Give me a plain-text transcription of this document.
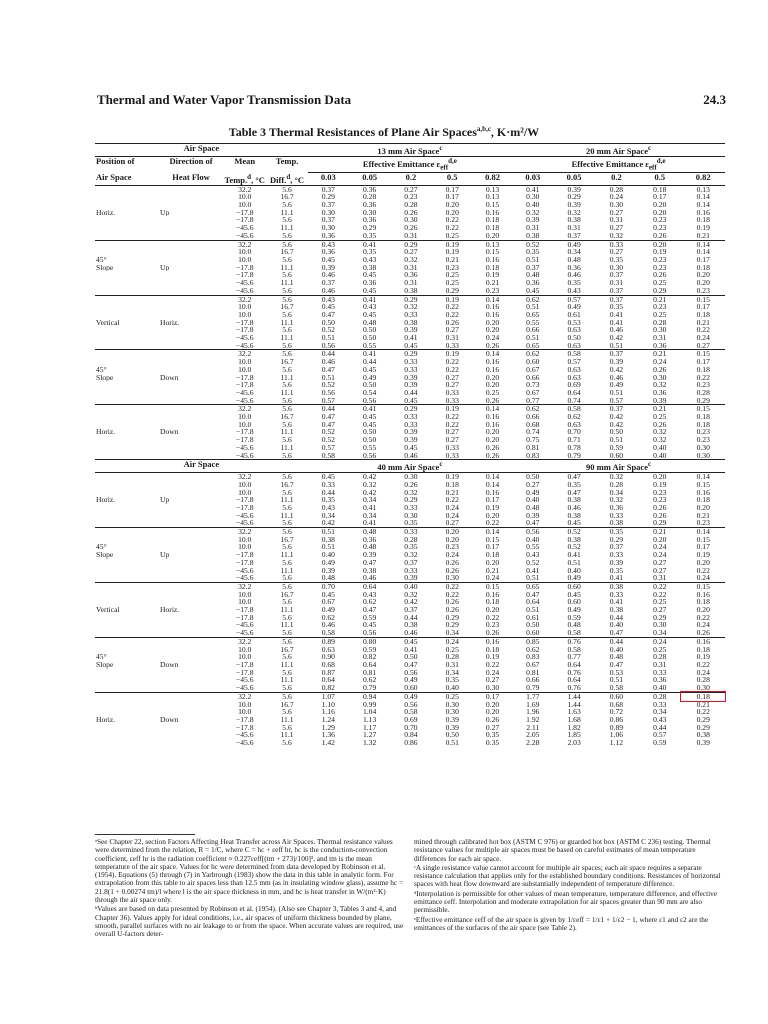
Thermal and Water Vapor Transmission Data	24.3
Table 3 Thermal Resistances of Plane Air Spaces$^{a,b,c}$, K·m²/W
Air Space				13 mm Air Space$^c$					20 mm Air Space$^c$
Position of	Direction of	Mean	Temp.	Effective Emittance $\varepsilon_{eff}^{d,e}$					Effective Emittance $\varepsilon_{eff}^{d,e}$
Air Space	Heat Flow	Temp.$^d$, °C	Diff.$^d$, °C	0.03	0.05	0.2	0.5	0.82	0.03	0.05	0.2	0.5	0.82
		32.2	5.6	0.37	0.36	0.27	0.17	0.13	0.41	0.39	0.28	0.18	0.13
		10.0	16.7	0.29	0.28	0.23	0.17	0.13	0.30	0.29	0.24	0.17	0.14
		10.0	5.6	0.37	0.36	0.28	0.20	0.15	0.40	0.39	0.30	0.20	0.14
Horiz.	Up	−17.8	11.1	0.30	0.30	0.26	0.20	0.16	0.32	0.32	0.27	0.20	0.16
		−17.8	5.6	0.37	0.36	0.30	0.22	0.18	0.39	0.38	0.31	0.23	0.18
		−45.6	11.1	0.30	0.29	0.26	0.22	0.18	0.31	0.31	0.27	0.23	0.19
		−45.6	5.6	0.36	0.35	0.31	0.25	0.20	0.38	0.37	0.32	0.26	0.21
		32.2	5.6	0.43	0.41	0.29	0.19	0.13	0.52	0.49	0.33	0.20	0.14
		10.0	16.7	0.36	0.35	0.27	0.19	0.15	0.35	0.34	0.27	0.19	0.14
45°		10.0	5.6	0.45	0.43	0.32	0.21	0.16	0.51	0.48	0.35	0.23	0.17
Slope	Up	−17.8	11.1	0.39	0.38	0.31	0.23	0.18	0.37	0.36	0.30	0.23	0.18
		−17.8	5.6	0.46	0.45	0.36	0.25	0.19	0.48	0.46	0.37	0.26	0.20
		−45.6	11.1	0.37	0.36	0.31	0.25	0.21	0.36	0.35	0.31	0.25	0.20
		−45.6	5.6	0.46	0.45	0.38	0.29	0.23	0.45	0.43	0.37	0.29	0.23
		32.2	5.6	0.43	0.41	0.29	0.19	0.14	0.62	0.57	0.37	0.21	0.15
		10.0	16.7	0.45	0.43	0.32	0.22	0.16	0.51	0.49	0.35	0.23	0.17
		10.0	5.6	0.47	0.45	0.33	0.22	0.16	0.65	0.61	0.41	0.25	0.18
Vertical	Horiz.	−17.8	11.1	0.50	0.48	0.38	0.26	0.20	0.55	0.53	0.41	0.28	0.21
		−17.8	5.6	0.52	0.50	0.39	0.27	0.20	0.66	0.63	0.46	0.30	0.22
		−45.6	11.1	0.51	0.50	0.41	0.31	0.24	0.51	0.50	0.42	0.31	0.24
		−45.6	5.6	0.56	0.55	0.45	0.33	0.26	0.65	0.63	0.51	0.36	0.27
		32.2	5.6	0.44	0.41	0.29	0.19	0.14	0.62	0.58	0.37	0.21	0.15
		10.0	16.7	0.46	0.44	0.33	0.22	0.16	0.60	0.57	0.39	0.24	0.17
45°		10.0	5.6	0.47	0.45	0.33	0.22	0.16	0.67	0.63	0.42	0.26	0.18
Slope	Down	−17.8	11.1	0.51	0.49	0.39	0.27	0.20	0.66	0.63	0.46	0.30	0.22
		−17.8	5.6	0.52	0.50	0.39	0.27	0.20	0.73	0.69	0.49	0.32	0.23
		−45.6	11.1	0.56	0.54	0.44	0.33	0.25	0.67	0.64	0.51	0.36	0.28
		−45.6	5.6	0.57	0.56	0.45	0.33	0.26	0.77	0.74	0.57	0.39	0.29
		32.2	5.6	0.44	0.41	0.29	0.19	0.14	0.62	0.58	0.37	0.21	0.15
		10.0	16.7	0.47	0.45	0.33	0.22	0.16	0.66	0.62	0.42	0.25	0.18
		10.0	5.6	0.47	0.45	0.33	0.22	0.16	0.68	0.63	0.42	0.26	0.18
Horiz.	Down	−17.8	11.1	0.52	0.50	0.39	0.27	0.20	0.74	0.70	0.50	0.32	0.23
		−17.8	5.6	0.52	0.50	0.39	0.27	0.20	0.75	0.71	0.51	0.32	0.23
		−45.6	11.1	0.57	0.55	0.45	0.33	0.26	0.81	0.78	0.59	0.40	0.30
		−45.6	5.6	0.58	0.56	0.46	0.33	0.26	0.83	0.79	0.60	0.40	0.30
Air Space				40 mm Air Space$^c$					90 mm Air Space$^c$
		32.2	5.6	0.45	0.42	0.30	0.19	0.14	0.50	0.47	0.32	0.20	0.14
		10.0	16.7	0.33	0.32	0.26	0.18	0.14	0.27	0.35	0.28	0.19	0.15
		10.0	5.6	0.44	0.42	0.32	0.21	0.16	0.49	0.47	0.34	0.23	0.16
Horiz.	Up	−17.8	11.1	0.35	0.34	0.29	0.22	0.17	0.40	0.38	0.32	0.23	0.18
		−17.8	5.6	0.43	0.41	0.33	0.24	0.19	0.48	0.46	0.36	0.26	0.20
		−45.6	11.1	0.34	0.34	0.30	0.24	0.20	0.39	0.38	0.33	0.26	0.21
		−45.6	5.6	0.42	0.41	0.35	0.27	0.22	0.47	0.45	0.38	0.29	0.23
		32.2	5.6	0.51	0.48	0.33	0.20	0.14	0.56	0.52	0.35	0.21	0.14
		10.0	16.7	0.38	0.36	0.28	0.20	0.15	0.40	0.38	0.29	0.20	0.15
45°		10.0	5.6	0.51	0.48	0.35	0.23	0.17	0.55	0.52	0.37	0.24	0.17
Slope	Up	−17.8	11.1	0.40	0.39	0.32	0.24	0.18	0.43	0.41	0.33	0.24	0.19
		−17.8	5.6	0.49	0.47	0.37	0.26	0.20	0.52	0.51	0.39	0.27	0.20
		−45.6	11.1	0.39	0.38	0.33	0.26	0.21	0.41	0.40	0.35	0.27	0.22
		−45.6	5.6	0.48	0.46	0.39	0.30	0.24	0.51	0.49	0.41	0.31	0.24
		32.2	5.6	0.70	0.64	0.40	0.22	0.15	0.65	0.60	0.38	0.22	0.15
		10.0	16.7	0.45	0.43	0.32	0.22	0.16	0.47	0.45	0.33	0.22	0.16
		10.0	5.6	0.67	0.62	0.42	0.26	0.18	0.64	0.60	0.41	0.25	0.18
Vertical	Horiz.	−17.8	11.1	0.49	0.47	0.37	0.26	0.20	0.51	0.49	0.38	0.27	0.20
		−17.8	5.6	0.62	0.59	0.44	0.29	0.22	0.61	0.59	0.44	0.29	0.22
		−45.6	11.1	0.46	0.45	0.38	0.29	0.23	0.50	0.48	0.40	0.30	0.24
		−45.6	5.6	0.58	0.56	0.46	0.34	0.26	0.60	0.58	0.47	0.34	0.26
		32.2	5.6	0.89	0.80	0.45	0.24	0.16	0.85	0.76	0.44	0.24	0.16
		10.0	16.7	0.63	0.59	0.41	0.25	0.18	0.62	0.58	0.40	0.25	0.18
45°		10.0	5.6	0.90	0.82	0.50	0.28	0.19	0.83	0.77	0.48	0.28	0.19
Slope	Down	−17.8	11.1	0.68	0.64	0.47	0.31	0.22	0.67	0.64	0.47	0.31	0.22
		−17.8	5.6	0.87	0.81	0.56	0.34	0.24	0.81	0.76	0.53	0.33	0.24
		−45.6	11.1	0.64	0.62	0.49	0.35	0.27	0.66	0.64	0.51	0.36	0.28
		−45.6	5.6	0.82	0.79	0.60	0.40	0.30	0.79	0.76	0.58	0.40	0.30
		32.2	5.6	1.07	0.94	0.49	0.25	0.17	1.77	1.44	0.60	0.28	0.18
		10.0	16.7	1.10	0.99	0.56	0.30	0.20	1.69	1.44	0.68	0.33	0.21
		10.0	5.6	1.16	1.04	0.58	0.30	0.20	1.96	1.63	0.72	0.34	0.22
Horiz.	Down	−17.8	11.1	1.24	1.13	0.69	0.39	0.26	1.92	1.68	0.86	0.43	0.29
		−17.8	5.6	1.29	1.17	0.70	0.39	0.27	2.11	1.82	0.89	0.44	0.29
		−45.6	11.1	1.36	1.27	0.84	0.50	0.35	2.05	1.85	1.06	0.57	0.38
		−45.6	5.6	1.42	1.32	0.86	0.51	0.35	2.28	2.03	1.12	0.59	0.39

ᵃSee Chapter 22, section Factors Affecting Heat Transfer across Air Spaces. Thermal resistance values were determined from the relation, R = 1/C, where C = hc + εeff hr, hc is the conduction-convection coefficient, εeff hr is the radiation coefficient ≈ 0.227εeff[(tm + 273)/100]³, and tm is the mean temperature of the air space. Values for hc were determined from data developed by Robinson et al. (1954). Equations (5) through (7) in Yarbrough (1983) show the data in this table in analytic form. For extrapolation from this table to air spaces less than 12.5 mm (as in insulating window glass), assume hc = 21.8(1 + 0.00274 tm)/l where l is the air space thickness in mm, and hc is heat transfer in W/(m²·K) through the air space only.

ᵇValues are based on data presented by Robinson et al. (1954). (Also see Chapter 3, Tables 3 and 4, and Chapter 36). Values apply for ideal conditions, i.e., air spaces of uniform thickness bounded by plane, smooth, parallel surfaces with no air leakage to or from the space. When accurate values are required, use overall U-factors deter-

mined through calibrated hot box (ASTM C 976) or guarded hot box (ASTM C 236) testing. Thermal resistance values for multiple air spaces must be based on careful estimates of mean temperature differences for each air space.

ᶜA single resistance value cannot account for multiple air spaces; each air space requires a separate resistance calculation that applies only for the established boundary conditions. Resistances of horizontal spaces with heat flow downward are substantially independent of temperature difference.

ᵈInterpolation is permissible for other values of mean temperature, temperature difference, and effective emittance εeff. Interpolation and moderate extrapolation for air spaces greater than 90 mm are also permissible.

ᵉEffective emittance εeff of the air space is given by 1/εeff = 1/ε1 + 1/ε2 − 1, where ε1 and ε2 are the emittances of the surfaces of the air space (see Table 2).
